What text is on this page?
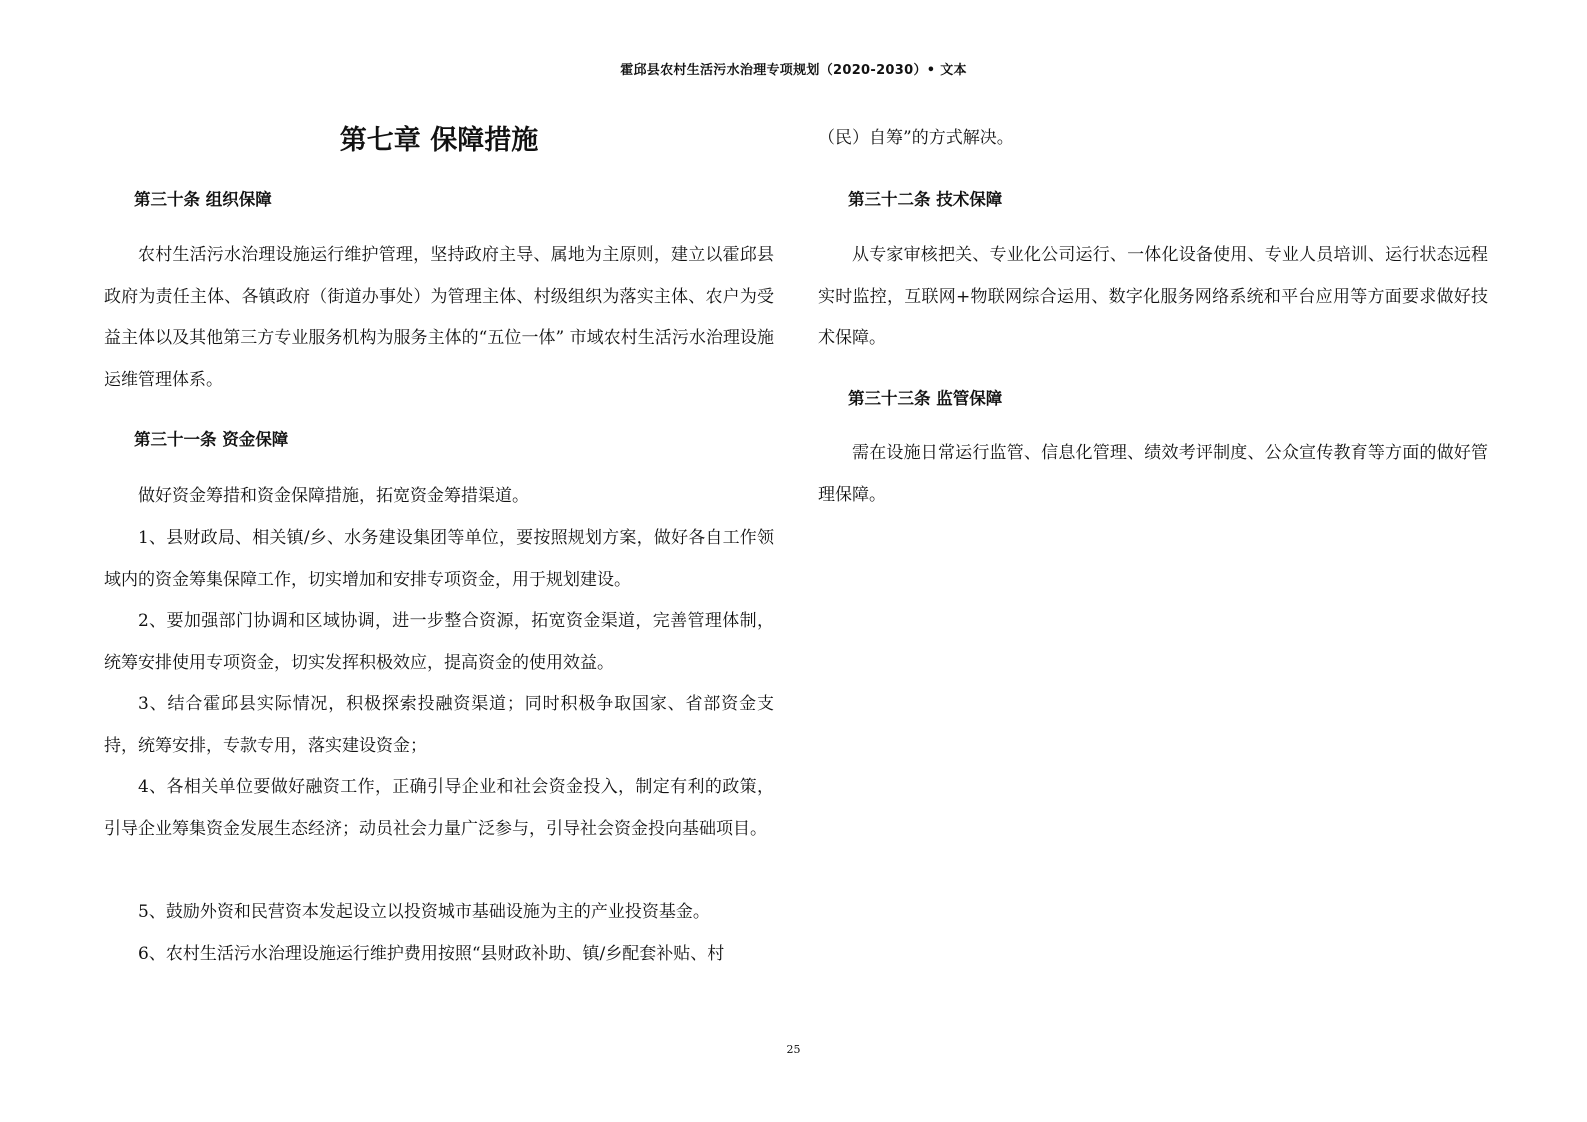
霍邱县农村生活污水治理专项规划（2020-2030）• 文本
第七章 保障措施
第三十条 组织保障

农村生活污水治理设施运行维护管理，坚持政府主导、属地为主原则，建立以霍邱县政府为责任主体、各镇政府（街道办事处）为管理主体、村级组织为落实主体、农户为受益主体以及其他第三方专业服务机构为服务主体的“五位一体” 市域农村生活污水治理设施运维管理体系。

第三十一条 资金保障

做好资金筹措和资金保障措施，拓宽资金筹措渠道。

1、县财政局、相关镇/乡、水务建设集团等单位，要按照规划方案，做好各自工作领域内的资金筹集保障工作，切实增加和安排专项资金，用于规划建设。

2、要加强部门协调和区域协调，进一步整合资源，拓宽资金渠道，完善管理体制，统筹安排使用专项资金，切实发挥积极效应，提高资金的使用效益。

3、结合霍邱县实际情况，积极探索投融资渠道；同时积极争取国家、省部资金支持，统筹安排，专款专用，落实建设资金；

4、各相关单位要做好融资工作，正确引导企业和社会资金投入，制定有利的政策，引导企业筹集资金发展生态经济；动员社会力量广泛参与，引导社会资金投向基础项目。

5、鼓励外资和民营资本发起设立以投资城市基础设施为主的产业投资基金。

6、农村生活污水治理设施运行维护费用按照“县财政补助、镇/乡配套补贴、村

（民）自筹”的方式解决。

第三十二条 技术保障

从专家审核把关、专业化公司运行、一体化设备使用、专业人员培训、运行状态远程实时监控，互联网+物联网综合运用、数字化服务网络系统和平台应用等方面要求做好技术保障。

第三十三条 监管保障

需在设施日常运行监管、信息化管理、绩效考评制度、公众宣传教育等方面的做好管理保障。

25
